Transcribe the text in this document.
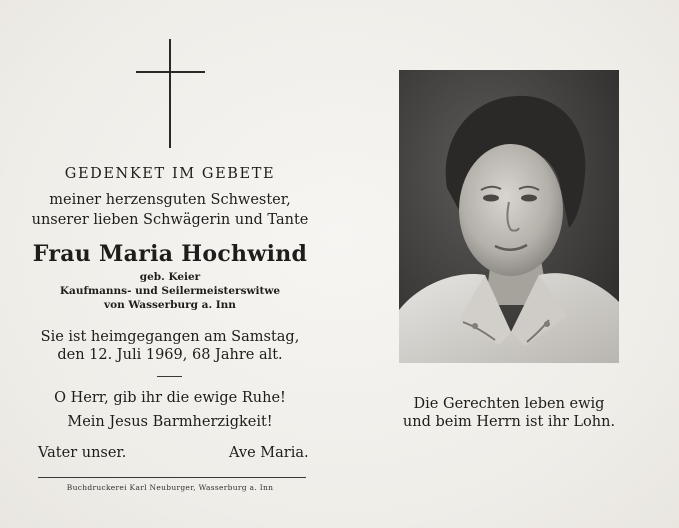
GEDENKET IM GEBETE
meiner herzensguten Schwester,
unserer lieben Schwägerin und Tante
Frau Maria Hochwind
geb. Keier
Kaufmanns- und Seilermeisterswitwe
von Wasserburg a. Inn
Sie ist heimgegangen am Samstag,
den 12. Juli 1969, 68 Jahre alt.
O Herr, gib ihr die ewige Ruhe!
Mein Jesus Barmherzigkeit!
Vater unser.	Ave Maria.
Buchdruckerei Karl Neuburger, Wasserburg a. Inn
Die Gerechten leben ewig
und beim Herrn ist ihr Lohn.
